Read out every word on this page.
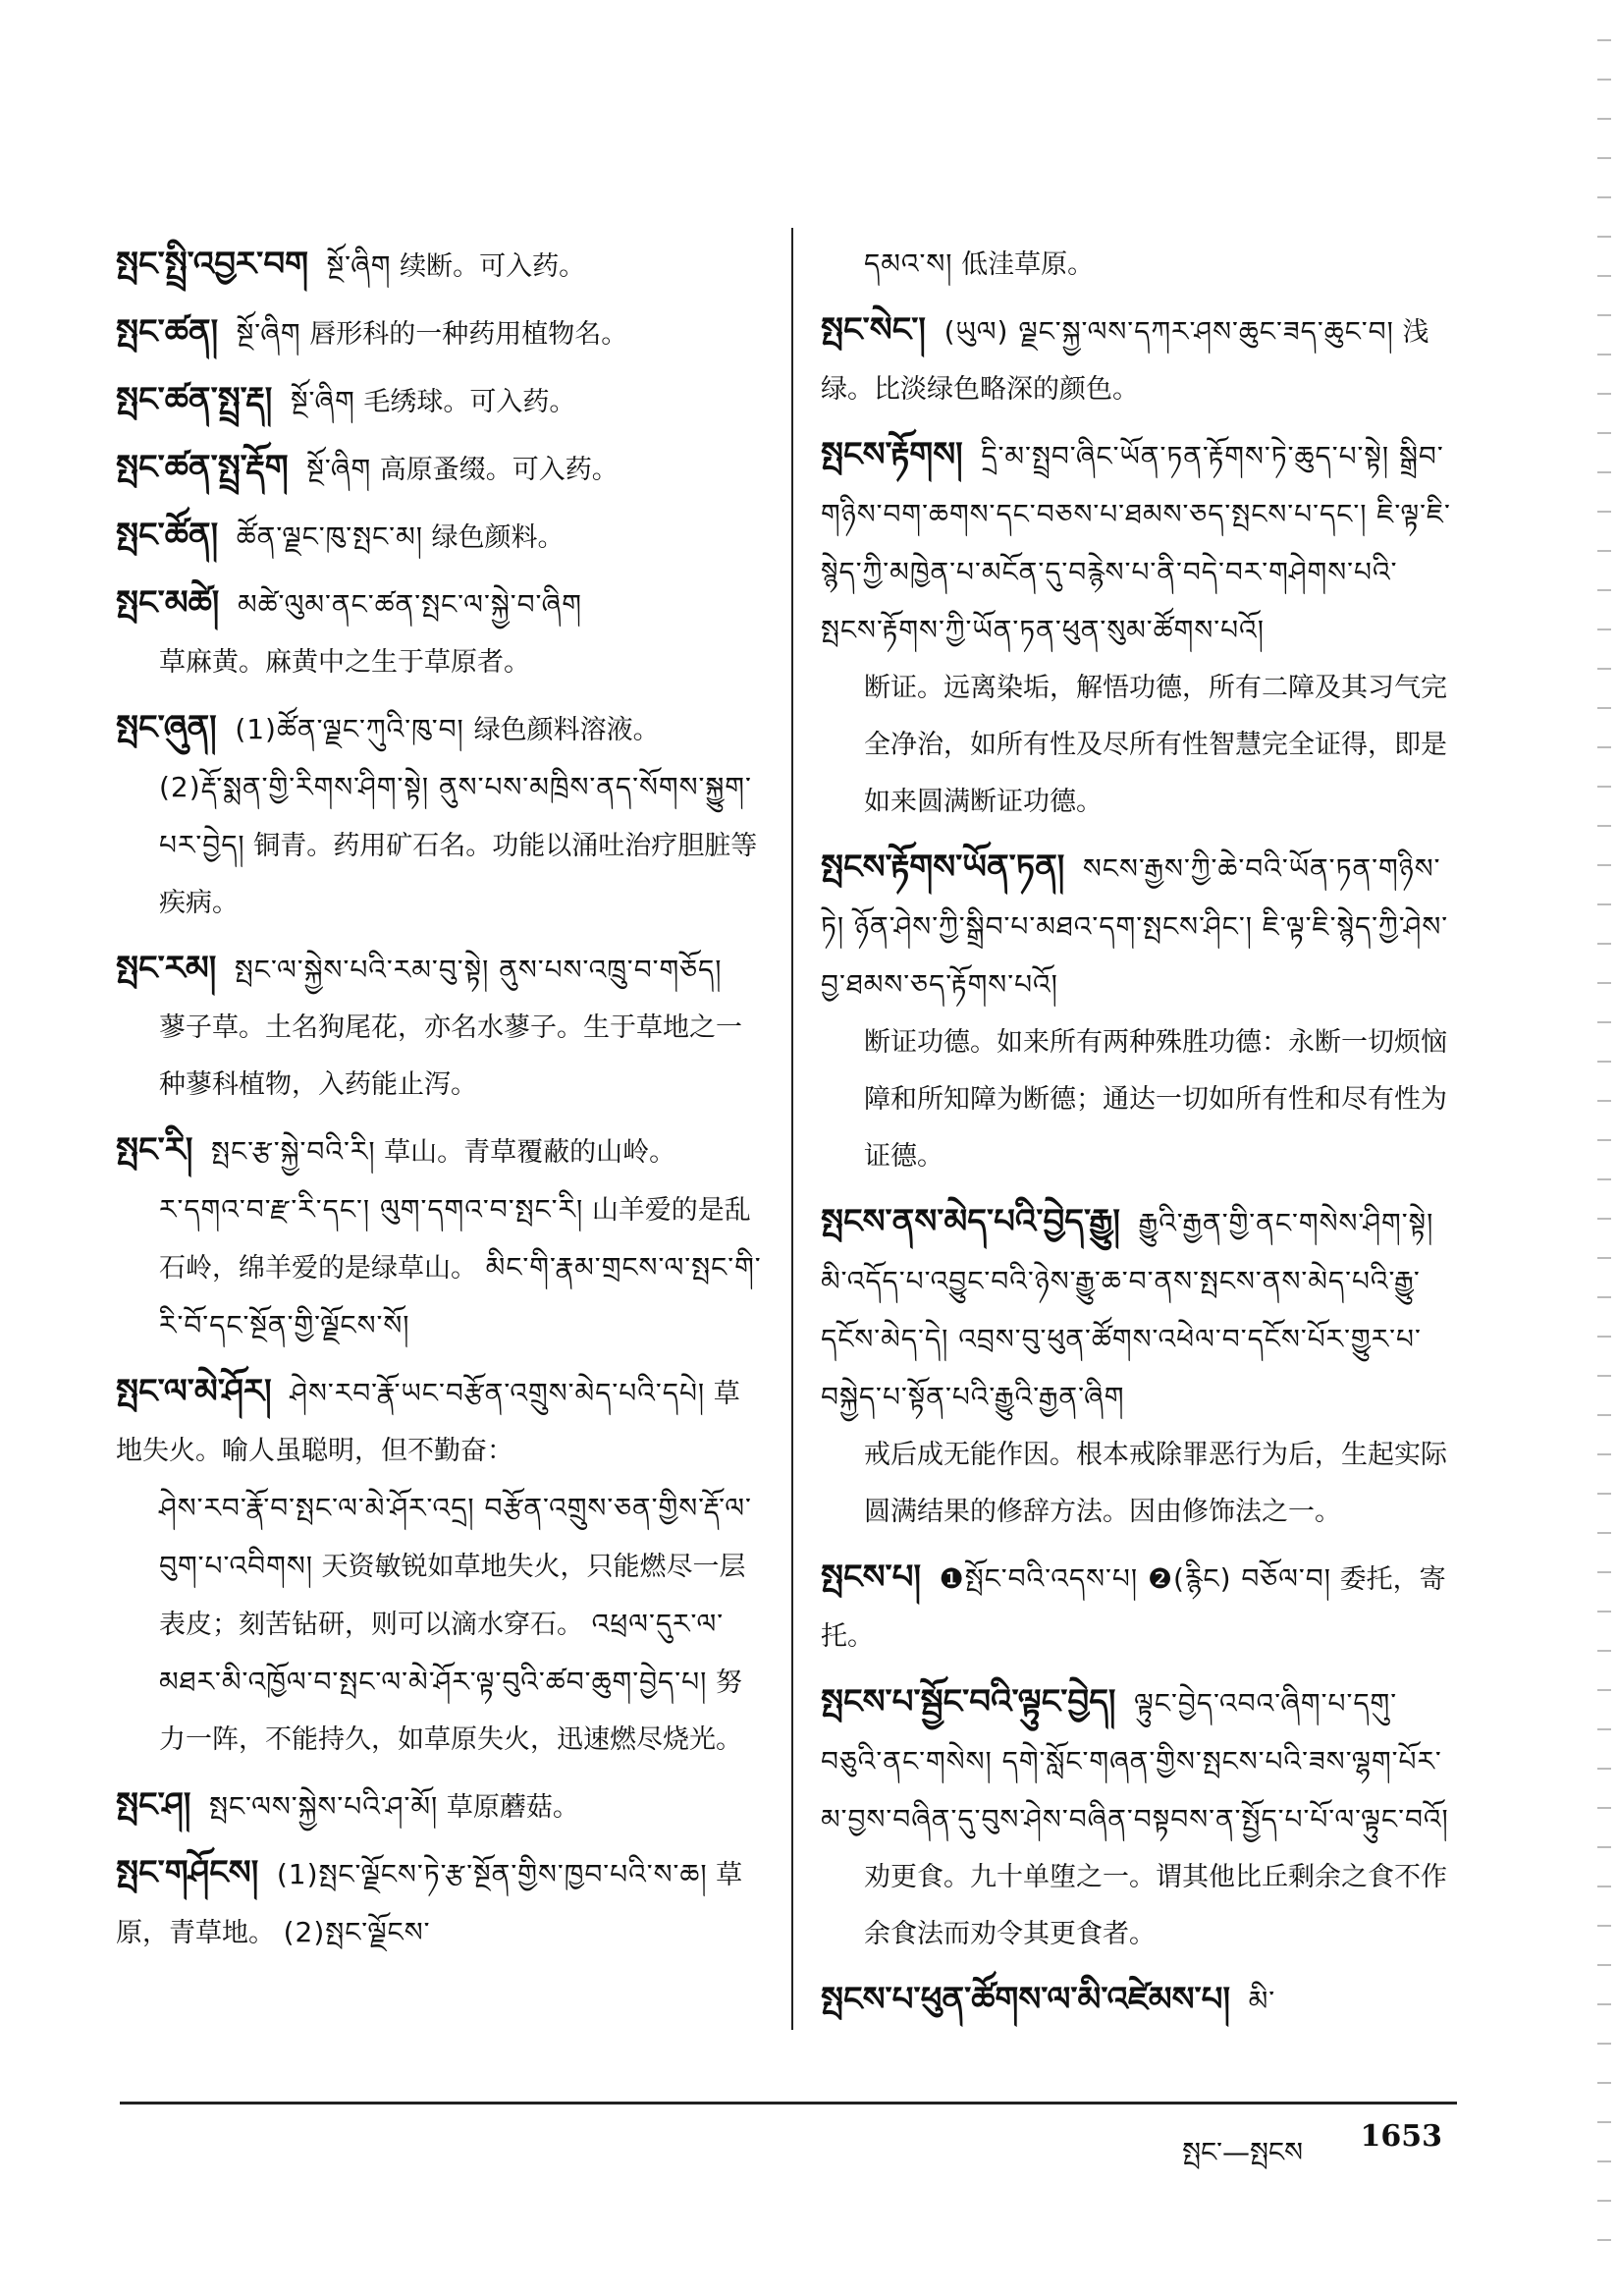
སྤང་སྤྲི་འབྱར་བག སྔོ་ཞིག 续断。可入药。
སྤང་ཚན། སྔོ་ཞིག 唇形科的一种药用植物名。
སྤང་ཚན་སྤྲ་རྡ། སྔོ་ཞིག 毛绣球。可入药。
སྤང་ཚན་སྤྲ་རྡོག སྔོ་ཞིག 高原蚤缀。可入药。
སྤང་ཚོན། ཚོན་ལྗང་ཁུ་སྤང་མ། 绿色颜料。
སྤང་མཚེ། མཚེ་ལུམ་ནང་ཚན་སྤང་ལ་སྐྱེ་བ་ཞིག
草麻黄。麻黄中之生于草原者。
སྤང་ཞུན། (1)ཚོན་ལྗང་ཀུའི་ཁུ་བ། 绿色颜料溶液。
(2)རྡོ་སྨན་གྱི་རིགས་ཤིག་སྟེ། ནུས་པས་མཁྲིས་ནད་སོགས་སྐྱུག་པར་བྱེད། 铜青。药用矿石名。功能以涌吐治疗胆脏等疾病。
སྤང་རམ། སྤང་ལ་སྐྱེས་པའི་རམ་བུ་སྟེ། ནུས་པས་འཁྲུ་བ་གཅོད།
蓼子草。土名狗尾花，亦名水蓼子。生于草地之一种蓼科植物，入药能止泻。
སྤང་རི། སྤང་རྩ་སྐྱེ་བའི་རི། 草山。青草覆蔽的山岭。
ར་དགའ་བ་རྫ་རི་དང་། ལུག་དགའ་བ་སྤང་རི། 山羊爱的是乱石岭，绵羊爱的是绿草山。 མིང་གི་རྣམ་གྲངས་ལ་སྤང་གི་རི་བོ་དང་སྔོན་གྱི་ལྗོངས་སོ།
སྤང་ལ་མེ་ཤོར། ཤེས་རབ་རྣོ་ཡང་བརྩོན་འགྲུས་མེད་པའི་དཔེ། 草地失火。喻人虽聪明，但不勤奋：
ཤེས་རབ་རྣོ་བ་སྤང་ལ་མེ་ཤོར་འདྲ། བརྩོན་འགྲུས་ཅན་གྱིས་རྡོ་ལ་བུག་པ་འབིགས། 天资敏锐如草地失火，只能燃尽一层表皮；刻苦钻研，则可以滴水穿石。 འཕྲལ་དུར་ལ་མཐར་མི་འཁྱོལ་བ་སྤང་ལ་མེ་ཤོར་ལྟ་བུའི་ཚབ་ཆུག་བྱེད་པ། 努力一阵，不能持久，如草原失火，迅速燃尽烧光。
སྤང་ཤ། སྤང་ལས་སྐྱེས་པའི་ཤ་མོ། 草原蘑菇。
སྤང་གཤོངས། (1)སྤང་ལྗོངས་ཏེ་རྩ་སྔོན་གྱིས་ཁྱབ་པའི་ས་ཆ། 草原，青草地。 (2)སྤང་ལྗོངས་
དམའ་ས། 低洼草原。
སྤང་སེང་། (ཡུལ) ལྗང་སྐྱ་ལས་དཀར་ཤས་ཆུང་ཟད་ཆུང་བ། 浅绿。比淡绿色略深的颜色。
སྤངས་རྟོགས། དྲི་མ་སྤྲབ་ཞིང་ཡོན་ཏན་རྟོགས་ཏེ་ཆུད་པ་སྟེ། སྒྲིབ་གཉིས་བག་ཆགས་དང་བཅས་པ་ཐམས་ཅད་སྤངས་པ་དང་། ཇི་ལྟ་ཇི་སྙེད་ཀྱི་མཁྱེན་པ་མངོན་དུ་བརྙེས་པ་ནི་བདེ་བར་གཤེགས་པའི་སྤངས་རྟོགས་ཀྱི་ཡོན་ཏན་ཕུན་སུམ་ཚོགས་པའོ།
断证。远离染垢，解悟功德，所有二障及其习气完全净治，如所有性及尽所有性智慧完全证得，即是如来圆满断证功德。
སྤངས་རྟོགས་ཡོན་ཏན། སངས་རྒྱས་ཀྱི་ཆེ་བའི་ཡོན་ཏན་གཉིས་ཏེ། ཉོན་ཤེས་ཀྱི་སྒྲིབ་པ་མཐའ་དག་སྤངས་ཤིང་། ཇི་ལྟ་ཇི་སྙེད་ཀྱི་ཤེས་བྱ་ཐམས་ཅད་རྟོགས་པའོ།
断证功德。如来所有两种殊胜功德：永断一切烦恼障和所知障为断德；通达一切如所有性和尽有性为证德。
སྤངས་ནས་མེད་པའི་བྱེད་རྒྱུ། རྒྱུའི་རྒྱན་གྱི་ནང་གསེས་ཤིག་སྟེ། མི་འདོད་པ་འབྱུང་བའི་ཉེས་རྒྱུ་ཆ་བ་ནས་སྤངས་ནས་མེད་པའི་རྒྱུ་དངོས་མེད་དེ། འབྲས་བུ་ཕུན་ཚོགས་འཕེལ་བ་དངོས་པོར་གྱུར་པ་བསྐྱེད་པ་སྟོན་པའི་རྒྱུའི་རྒྱན་ཞིག
戒后成无能作因。根本戒除罪恶行为后，生起实际圆满结果的修辞方法。因由修饰法之一。
སྤངས་པ། ❶སྤོང་བའི་འདས་པ། ❷(རྙིང) བཅོལ་བ། 委托，寄托。
སྤངས་པ་སྦྱོང་བའི་ལྟུང་བྱེད། ལྟུང་བྱེད་འབའ་ཞིག་པ་དགུ་བཅུའི་ནང་གསེས། དགེ་སློང་གཞན་གྱིས་སྤངས་པའི་ཟས་ལྷག་པོར་མ་བྱས་བཞིན་དུ་བུས་ཤེས་བཞིན་བསྟབས་ན་སྤྱོད་པ་པོ་ལ་ལྟུང་བའོ།
劝更食。九十单堕之一。谓其他比丘剩余之食不作余食法而劝令其更食者。
སྤངས་པ་ཕུན་ཚོགས་ལ་མི་འཛེམས་པ། མི་
སྤང་—སྤངས 1653
